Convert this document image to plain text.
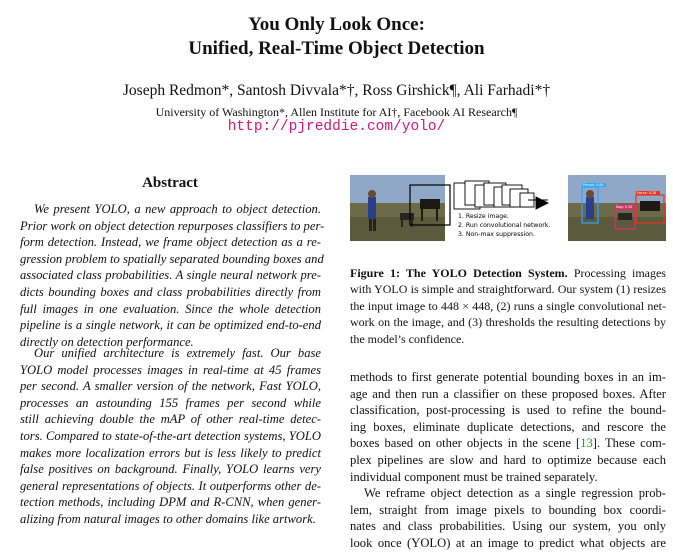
You Only Look Once:
Unified, Real-Time Object Detection
Joseph Redmon*, Santosh Divvala*†, Ross Girshick¶, Ali Farhadi*†
University of Washington*, Allen Institute for AI†, Facebook AI Research¶
http://pjreddie.com/yolo/
Abstract
We present YOLO, a new approach to object detection.
Prior work on object detection repurposes classifiers to per-
form detection. Instead, we frame object detection as a re-
gression problem to spatially separated bounding boxes and
associated class probabilities. A single neural network pre-
dicts bounding boxes and class probabilities directly from
full images in one evaluation. Since the whole detection
pipeline is a single network, it can be optimized end-to-end
directly on detection performance.
Our unified architecture is extremely fast. Our base
YOLO model processes images in real-time at 45 frames
per second. A smaller version of the network, Fast YOLO,
processes an astounding 155 frames per second while
still achieving double the mAP of other real-time detec-
tors. Compared to state-of-the-art detection systems, YOLO
makes more localization errors but is less likely to predict
false positives on background. Finally, YOLO learns very
general representations of objects. It outperforms other de-
tection methods, including DPM and R-CNN, when gener-
alizing from natural images to other domains like artwork.
1. Resize image.
2. Run convolutional network.
3. Non-max suppression.
Person: 0.64
Horse: 0.28
Dog: 0.30
Figure 1: The YOLO Detection System. Processing images
with YOLO is simple and straightforward. Our system (1) resizes
the input image to 448 × 448, (2) runs a single convolutional net-
work on the image, and (3) thresholds the resulting detections by
the model’s confidence.
methods to first generate potential bounding boxes in an im-
age and then run a classifier on these proposed boxes. After
classification, post-processing is used to refine the bound-
ing boxes, eliminate duplicate detections, and rescore the
boxes based on other objects in the scene [13]. These com-
plex pipelines are slow and hard to optimize because each
individual component must be trained separately.
We reframe object detection as a single regression prob-
lem, straight from image pixels to bounding box coordi-
nates and class probabilities. Using our system, you only
look once (YOLO) at an image to predict what objects are
